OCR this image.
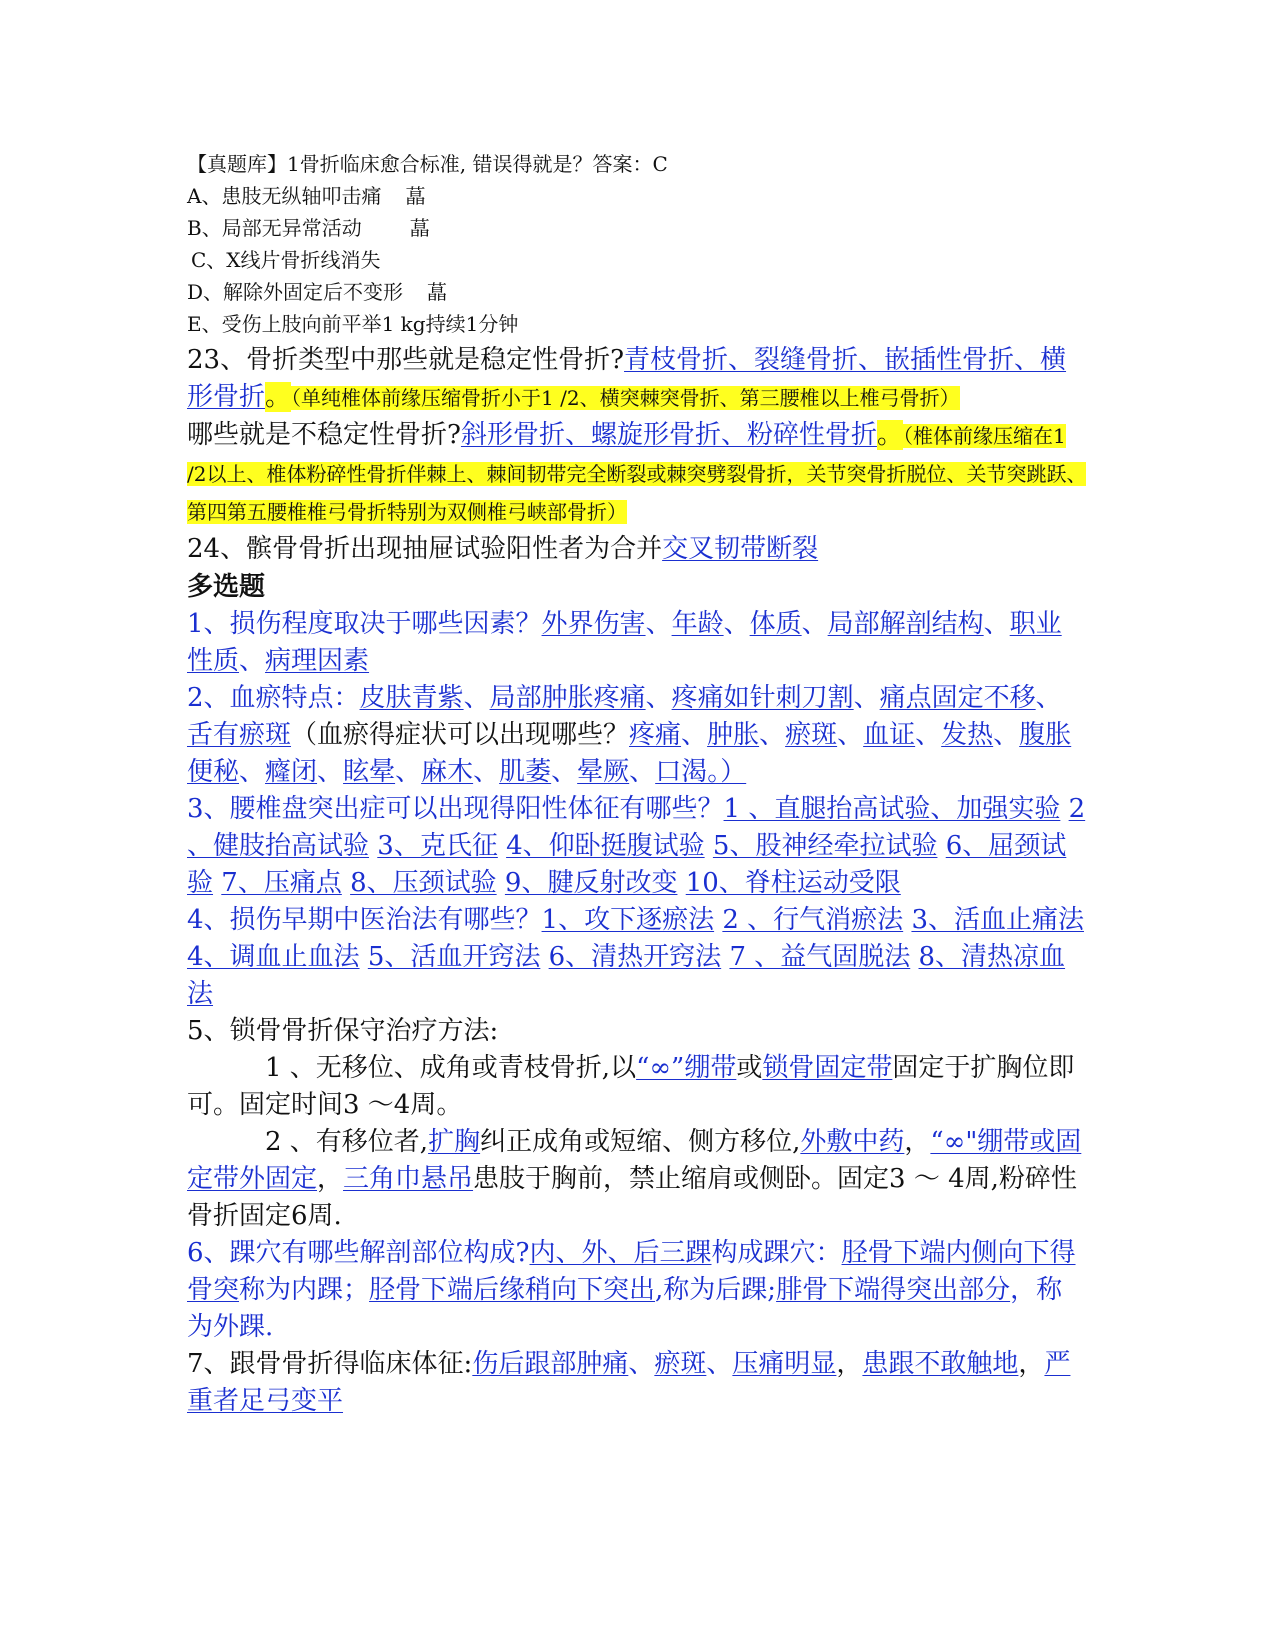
【真题库】1骨折临床愈合标准, 错误得就是？答案：C

A、患肢无纵轴叩击痛 蕌

B、局部无异常活动 蕌

C、X线片骨折线消失

D、解除外固定后不变形 蕌

E、受伤上肢向前平举1 kg持续1分钟

23、骨折类型中那些就是稳定性骨折?青枝骨折、裂缝骨折、嵌插性骨折、横形骨折。（单纯椎体前缘压缩骨折小于1 /2、横突棘突骨折、第三腰椎以上椎弓骨折）

哪些就是不稳定性骨折?斜形骨折、螺旋形骨折、粉碎性骨折。（椎体前缘压缩在1 /2以上、椎体粉碎性骨折伴棘上、棘间韧带完全断裂或棘突劈裂骨折，关节突骨折脱位、关节突跳跃、第四第五腰椎椎弓骨折特别为双侧椎弓峡部骨折）

24、髌骨骨折出现抽屉试验阳性者为合并交叉韧带断裂

多选题

1、损伤程度取决于哪些因素？外界伤害、年龄、体质、局部解剖结构、职业性质、病理因素

2、血瘀特点：皮肤青紫、局部肿胀疼痛、疼痛如针刺刀割、痛点固定不移、舌有瘀斑（血瘀得症状可以出现哪些？疼痛、肿胀、瘀斑、血证、发热、腹胀便秘、癃闭、眩晕、麻木、肌萎、晕厥、口渴。）

3、腰椎盘突出症可以出现得阳性体征有哪些？1 、直腿抬高试验、加强实验 2 、健肢抬高试验 3、克氏征 4、仰卧挺腹试验 5、股神经牵拉试验 6、屈颈试验 7、压痛点 8、压颈试验 9、腱反射改变 10、脊柱运动受限

4、损伤早期中医治法有哪些？1、攻下逐瘀法 2 、行气消瘀法 3、活血止痛法 4、调血止血法 5、活血开窍法 6、清热开窍法 7 、益气固脱法 8、清热凉血法

5、锁骨骨折保守治疗方法:

1 、无移位、成角或青枝骨折,以“∞”绷带或锁骨固定带固定于扩胸位即可。固定时间3 ～4周。

2 、有移位者,扩胸纠正成角或短缩、侧方移位,外敷中药，“∞"绷带或固定带外固定，三角巾悬吊患肢于胸前，禁止缩肩或侧卧。固定3 ～ 4周,粉碎性骨折固定6周.

6、踝穴有哪些解剖部位构成?内、外、后三踝构成踝穴：胫骨下端内侧向下得骨突称为内踝；胫骨下端后缘稍向下突出,称为后踝;腓骨下端得突出部分，称为外踝.

7、跟骨骨折得临床体征:伤后跟部肿痛、瘀斑、压痛明显，患跟不敢触地，严重者足弓变平
